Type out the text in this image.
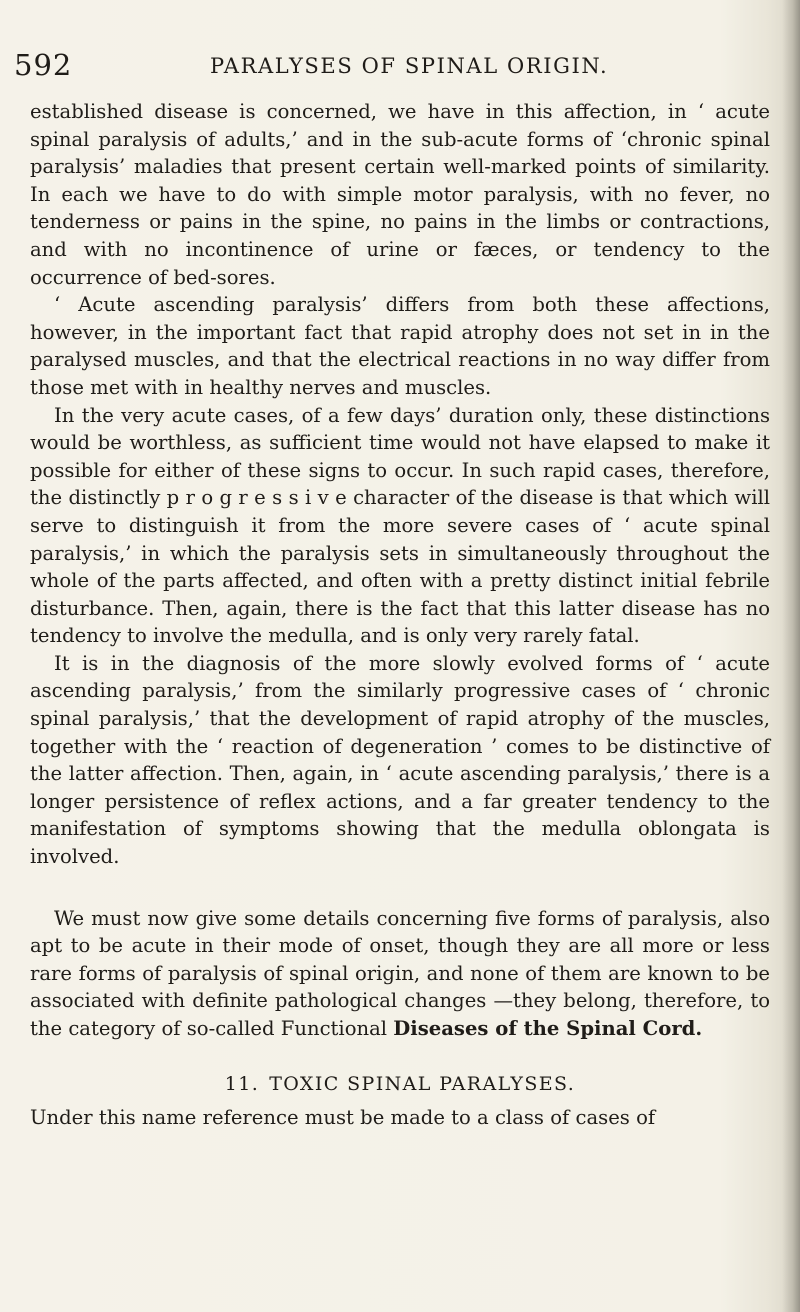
592	PARALYSES OF SPINAL ORIGIN.

established disease is concerned, we have in this affection, in ‘ acute spinal paralysis of adults,’ and in the sub-acute forms of ‘chronic spinal paralysis’ maladies that present certain well-marked points of similarity. In each we have to do with simple motor paralysis, with no fever, no tenderness or pains in the spine, no pains in the limbs or contractions, and with no incontinence of urine or fæces, or tendency to the occurrence of bed-sores.

‘ Acute ascending paralysis’ differs from both these affections, however, in the important fact that rapid atrophy does not set in in the paralysed muscles, and that the electrical reactions in no way differ from those met with in healthy nerves and muscles.

In the very acute cases, of a few days’ duration only, these distinctions would be worthless, as sufficient time would not have elapsed to make it possible for either of these signs to occur. In such rapid cases, therefore, the distinctly p r o g r e s s i v e character of the disease is that which will serve to distinguish it from the more severe cases of ‘ acute spinal paralysis,’ in which the paralysis sets in simultaneously throughout the whole of the parts affected, and often with a pretty distinct initial febrile disturbance. Then, again, there is the fact that this latter disease has no tendency to involve the medulla, and is only very rarely fatal.

It is in the diagnosis of the more slowly evolved forms of ‘ acute ascending paralysis,’ from the similarly progressive cases of ‘ chronic spinal paralysis,’ that the development of rapid atrophy of the muscles, together with the ‘ reaction of degeneration ’ comes to be distinctive of the latter affection. Then, again, in ‘ acute ascending paralysis,’ there is a longer persistence of reflex actions, and a far greater tendency to the manifestation of symptoms showing that the medulla oblongata is involved.

We must now give some details concerning five forms of paralysis, also apt to be acute in their mode of onset, though they are all more or less rare forms of paralysis of spinal origin, and none of them are known to be associated with definite pathological changes —they belong, therefore, to the category of so-called Functional Diseases of the Spinal Cord.

11. TOXIC SPINAL PARALYSES.

Under this name reference must be made to a class of cases of
